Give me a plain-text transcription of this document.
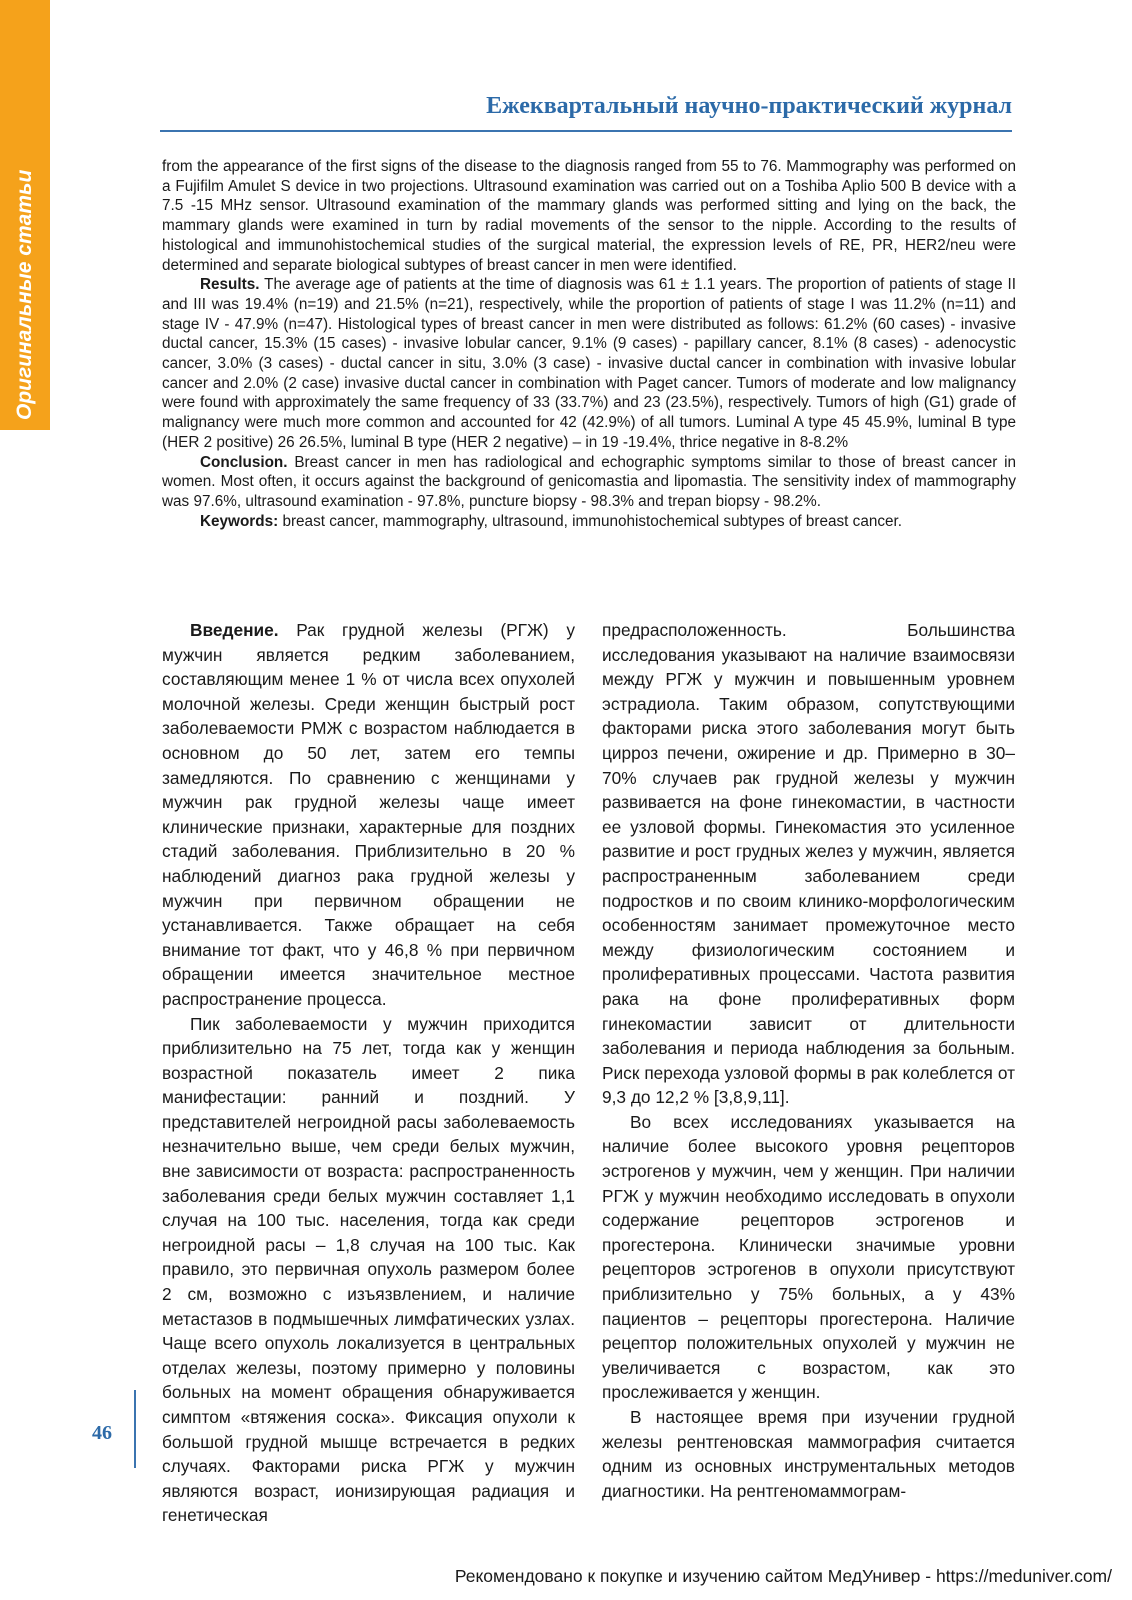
Оригинальные статьи
Ежеквартальный научно-практический журнал

from the appearance of the first signs of the disease to the diagnosis ranged from 55 to 76. Mammography was performed on a Fujifilm Amulet S device in two projections. Ultrasound examination was carried out on a Toshiba Aplio 500 B device with a 7.5 -15 MHz sensor. Ultrasound examination of the mammary glands was performed sitting and lying on the back, the mammary glands were examined in turn by radial movements of the sensor to the nipple. According to the results of histological and immunohistochemical studies of the surgical material, the expression levels of RE, PR, HER2/neu were determined and separate biological subtypes of breast cancer in men were identified.

Results. The average age of patients at the time of diagnosis was 61 ± 1.1 years. The proportion of patients of stage II and III was 19.4% (n=19) and 21.5% (n=21), respectively, while the proportion of patients of stage I was 11.2% (n=11) and stage IV - 47.9% (n=47). Histological types of breast cancer in men were distributed as follows: 61.2% (60 cases) - invasive ductal cancer, 15.3% (15 cases) - invasive lobular cancer, 9.1% (9 cases) - papillary cancer, 8.1% (8 cases) - adenocystic cancer, 3.0% (3 cases) - ductal cancer in situ, 3.0% (3 case) - invasive ductal cancer in combination with invasive lobular cancer and 2.0% (2 case) invasive ductal cancer in combination with Paget cancer. Tumors of moderate and low malignancy were found with approximately the same frequency of 33 (33.7%) and 23 (23.5%), respectively. Tumors of high (G1) grade of malignancy were much more common and accounted for 42 (42.9%) of all tumors. Luminal A type 45 45.9%, luminal B type (HER 2 positive) 26 26.5%, luminal B type (HER 2 negative) – in 19 -19.4%, thrice negative in 8-8.2%

Conclusion. Breast cancer in men has radiological and echographic symptoms similar to those of breast cancer in women. Most often, it occurs against the background of genicomastia and lipomastia. The sensitivity index of mammography was 97.6%, ultrasound examination - 97.8%, puncture biopsy - 98.3% and trepan biopsy - 98.2%.

Keywords: breast cancer, mammography, ultrasound, immunohistochemical subtypes of breast cancer.

Введение. Рак грудной железы (РГЖ) у мужчин является редким заболеванием, составляющим менее 1 % от числа всех опухолей молочной железы. Среди женщин быстрый рост заболеваемости РМЖ с возрастом наблюдается в основном до 50 лет, затем его темпы замедляются. По сравнению с женщинами у мужчин рак грудной железы чаще имеет клинические признаки, характерные для поздних стадий заболевания. Приблизительно в 20 % наблюдений диагноз рака грудной железы у мужчин при первичном обращении не устанавливается. Также обращает на себя внимание тот факт, что у 46,8 % при первичном обращении имеется значительное местное распространение процесса.

Пик заболеваемости у мужчин приходится приблизительно на 75 лет, тогда как у женщин возрастной показатель имеет 2 пика манифестации: ранний и поздний. У представителей негроидной расы заболеваемость незначительно выше, чем среди белых мужчин, вне зависимости от возраста: распространенность заболевания среди белых мужчин составляет 1,1 случая на 100 тыс. населения, тогда как среди негроидной расы – 1,8 случая на 100 тыс. Как правило, это первичная опухоль размером более 2 см, возможно с изъязвлением, и наличие метастазов в подмышечных лимфатических узлах. Чаще всего опухоль локализуется в центральных отделах железы, поэтому примерно у половины больных на момент обращения обнаруживается симптом «втяжения соска». Фиксация опухоли к большой грудной мышце встречается в редких случаях. Факторами риска РГЖ у мужчин являются возраст, ионизирующая радиация и генетическая

предрасположенность. Большинства исследования указывают на наличие взаимосвязи между РГЖ у мужчин и повышенным уровнем эстрадиола. Таким образом, сопутствующими факторами риска этого заболевания могут быть цирроз печени, ожирение и др. Примерно в 30–70% случаев рак грудной железы у мужчин развивается на фоне гинекомастии, в частности ее узловой формы. Гинекомастия это усиленное развитие и рост грудных желез у мужчин, является распространенным заболеванием среди подростков и по своим клинико-морфологическим особенностям занимает промежуточное место между физиологическим состоянием и пролиферативных процессами. Частота развития рака на фоне пролиферативных форм гинекомастии зависит от длительности заболевания и периода наблюдения за больным. Риск перехода узловой формы в рак колеблется от 9,3 до 12,2 % [3,8,9,11].

Во всех исследованиях указывается на наличие более высокого уровня рецепторов эстрогенов у мужчин, чем у женщин. При наличии РГЖ у мужчин необходимо исследовать в опухоли содержание рецепторов эстрогенов и прогестерона. Клинически значимые уровни рецепторов эстрогенов в опухоли присутствуют приблизительно у 75% больных, а у 43% пациентов – рецепторы прогестерона. Наличие рецептор положительных опухолей у мужчин не увеличивается с возрастом, как это прослеживается у женщин.

В настоящее время при изучении грудной железы рентгеновская маммография считается одним из основных инструментальных методов диагностики. На рентгеномаммограм-

46
Рекомендовано к покупке и изучению сайтом МедУнивер - https://meduniver.com/
